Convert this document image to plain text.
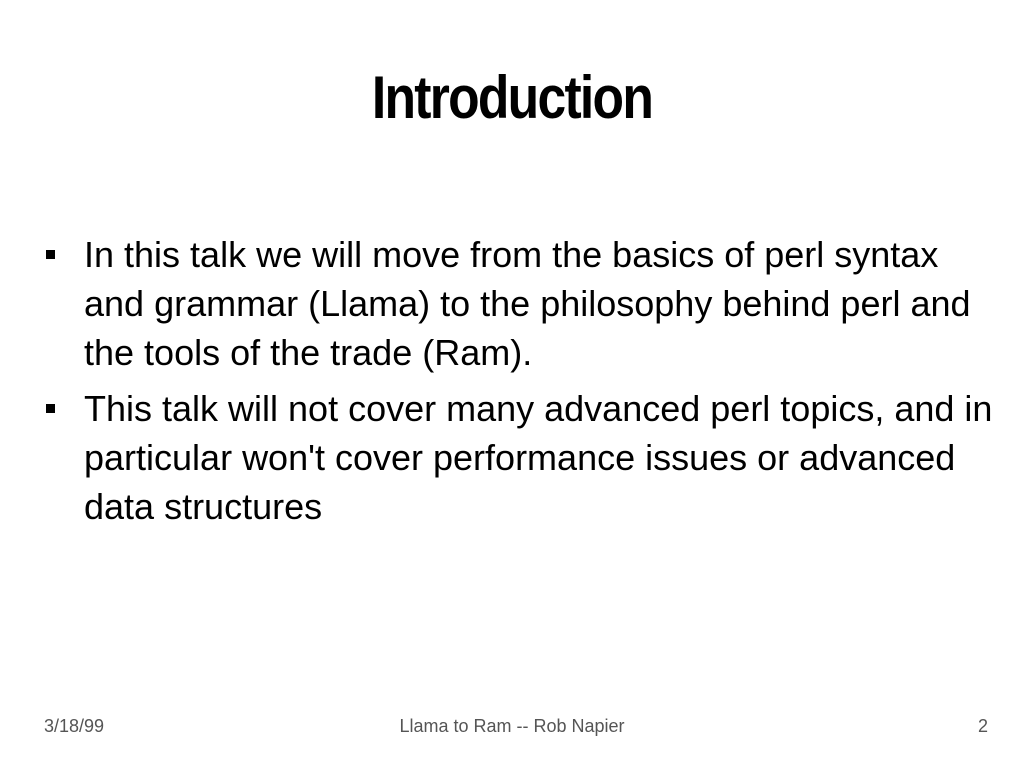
Introduction
In this talk we will move from the basics of perl syntax and grammar (Llama) to the philosophy behind perl and the tools of the trade (Ram).
This talk will not cover many advanced perl topics, and in particular won't cover performance issues or advanced data structures
3/18/99	Llama to Ram -- Rob Napier	2
